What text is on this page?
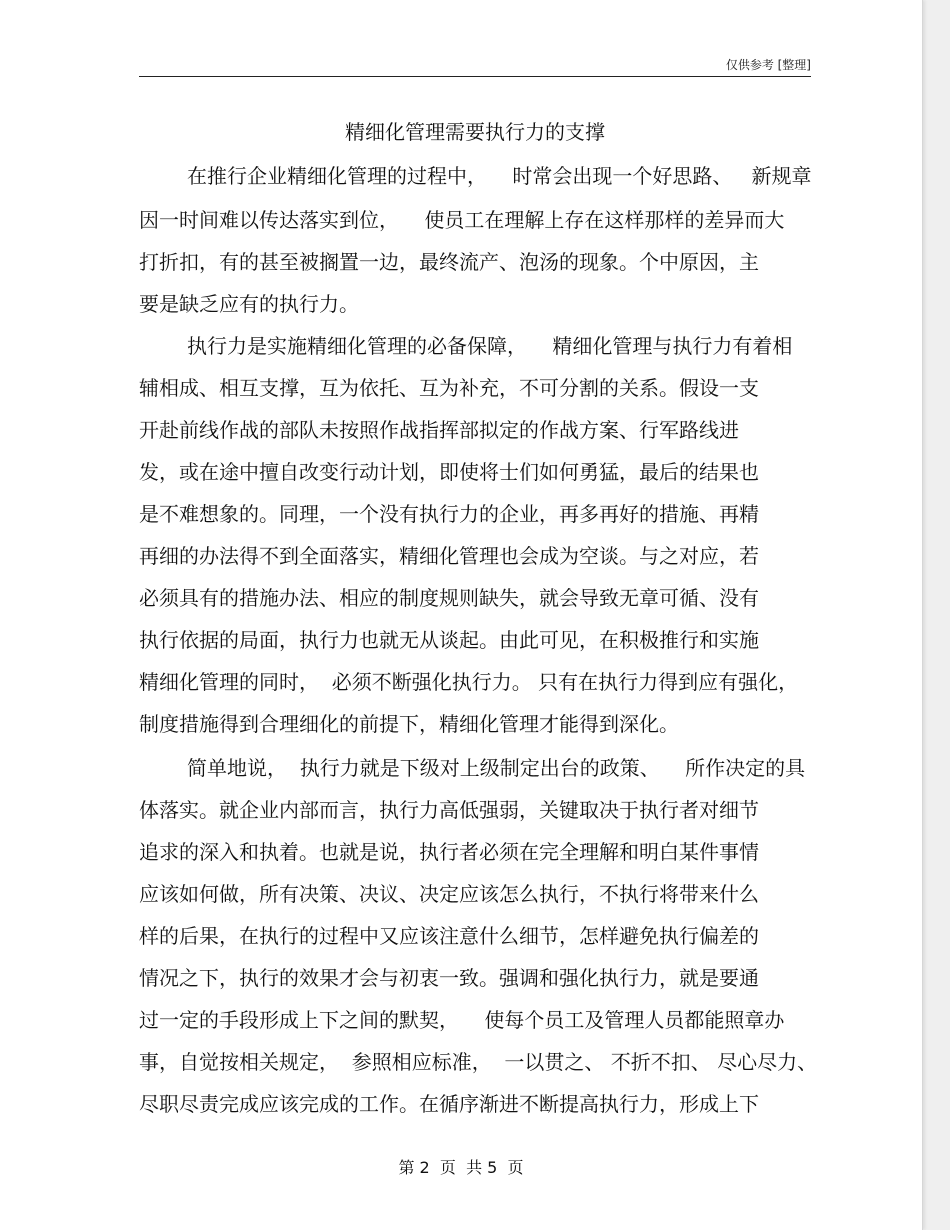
仅供参考 [整理]
精细化管理需要执行力的支撑
在推行企业精细化管理的过程中，    时常会出现一个好思路、   新规章
因一时间难以传达落实到位，    使员工在理解上存在这样那样的差异而大
打折扣，有的甚至被搁置一边，最终流产、泡汤的现象。个中原因，主
要是缺乏应有的执行力。
执行力是实施精细化管理的必备保障，    精细化管理与执行力有着相
辅相成、相互支撑，互为依托、互为补充，不可分割的关系。假设一支
开赴前线作战的部队未按照作战指挥部拟定的作战方案、行军路线进
发，或在途中擅自改变行动计划，即使将士们如何勇猛，最后的结果也
是不难想象的。同理，一个没有执行力的企业，再多再好的措施、再精
再细的办法得不到全面落实，精细化管理也会成为空谈。与之对应，若
必须具有的措施办法、相应的制度规则缺失，就会导致无章可循、没有
执行依据的局面，执行力也就无从谈起。由此可见，在积极推行和实施
精细化管理的同时，  必须不断强化执行力。 只有在执行力得到应有强化，
制度措施得到合理细化的前提下，精细化管理才能得到深化。
简单地说，  执行力就是下级对上级制定出台的政策、    所作决定的具
体落实。就企业内部而言，执行力高低强弱，关键取决于执行者对细节
追求的深入和执着。也就是说，执行者必须在完全理解和明白某件事情
应该如何做，所有决策、决议、决定应该怎么执行，不执行将带来什么
样的后果，在执行的过程中又应该注意什么细节，怎样避免执行偏差的
情况之下，执行的效果才会与初衷一致。强调和强化执行力，就是要通
过一定的手段形成上下之间的默契，    使每个员工及管理人员都能照章办
事，自觉按相关规定，  参照相应标准，  一以贯之、 不折不扣、 尽心尽力、
尽职尽责完成应该完成的工作。在循序渐进不断提高执行力，形成上下
第 2  页  共 5  页
